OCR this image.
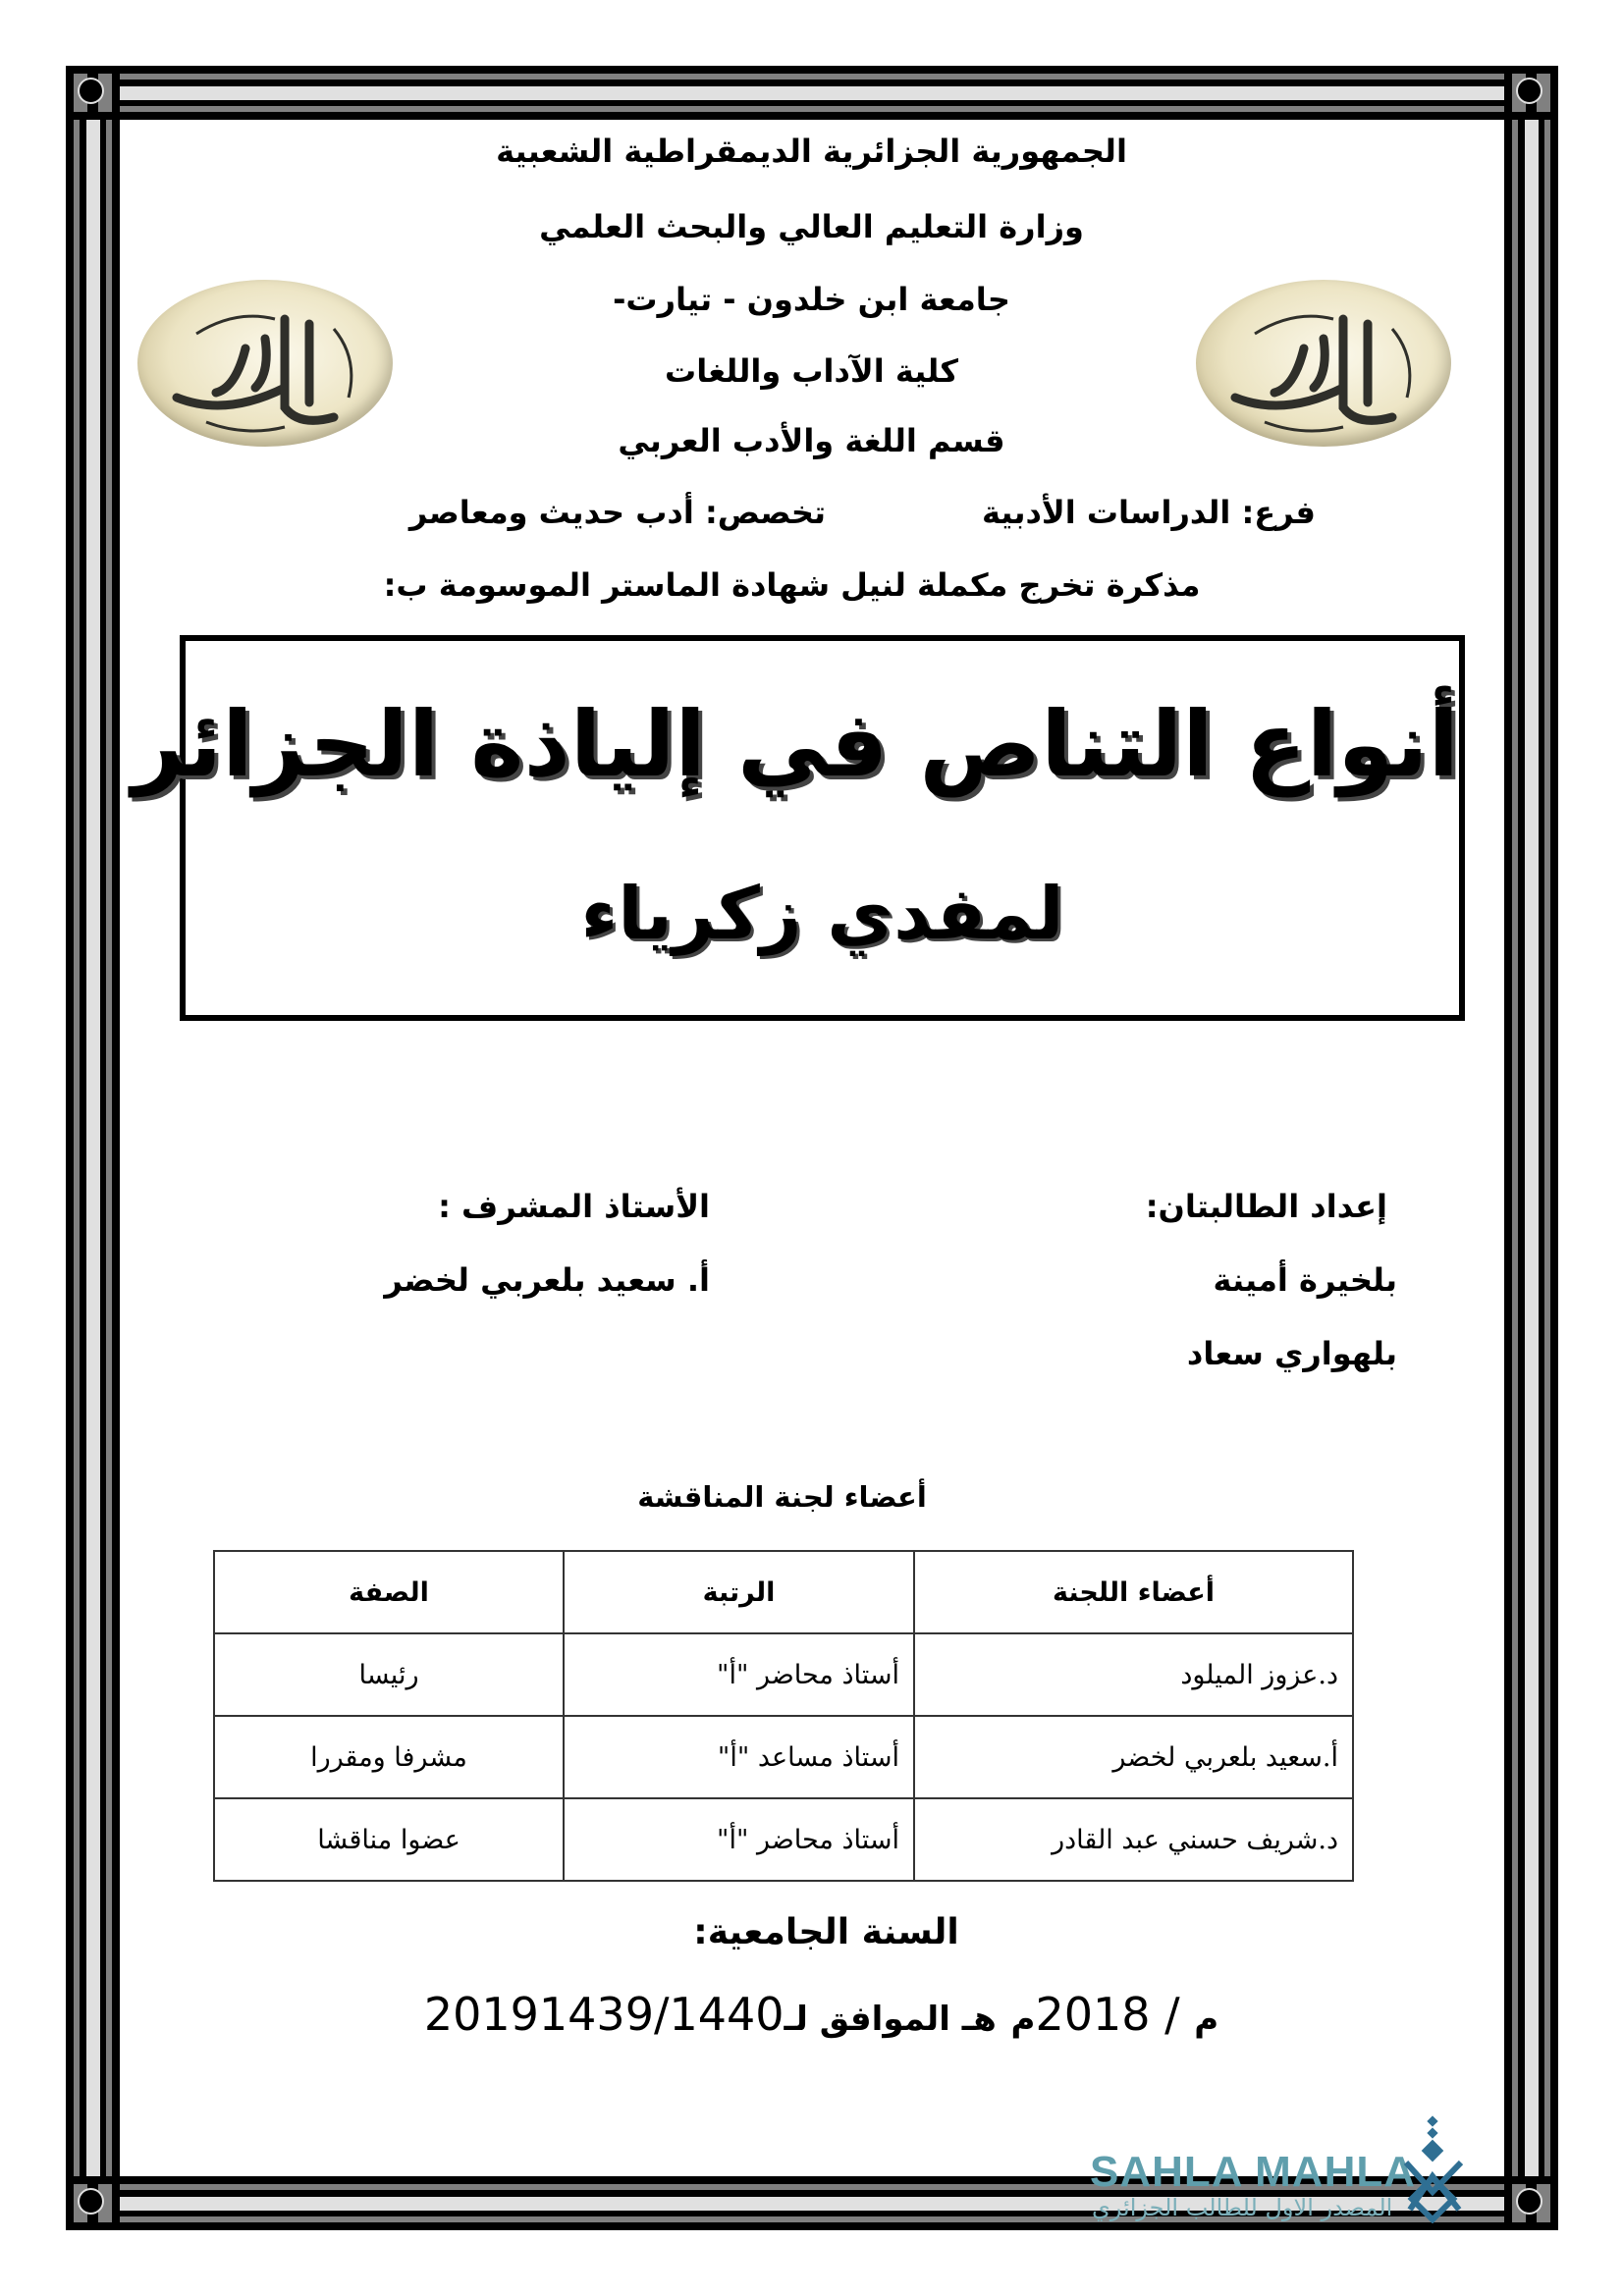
الجمهورية الجزائرية الديمقراطية الشعبية
وزارة التعليم العالي والبحث العلمي
جامعة ابن خلدون - تيارت-
كلية الآداب واللغات
قسم اللغة والأدب العربي
فرع: الدراسات الأدبية
تخصص: أدب حديث ومعاصر
مذكرة تخرج مكملة لنيل شهادة الماستر الموسومة ب:
أنواع التناص في إلياذة الجزائر
لمفدي زكرياء
إعداد الطالبتان:
بلخيرة أمينة
بلهواري سعاد
الأستاذ المشرف :
أ. سعيد بلعربي لخضر
أعضاء لجنة المناقشة
أعضاء اللجنة	الرتبة	الصفة
د.عزوز الميلود	أستاذ محاضر "أ"	رئيسا
أ.سعيد بلعربي لخضر	أستاذ مساعد "أ"	مشرفا ومقررا
د.شريف حسني عبد القادر	أستاذ محاضر "أ"	عضوا مناقشا
السنة الجامعية:
2019	م / 2018م هـ الموافق لـ1439/1440
SAHLA MAHLA
المصدر الاول للطالب الجزائري
